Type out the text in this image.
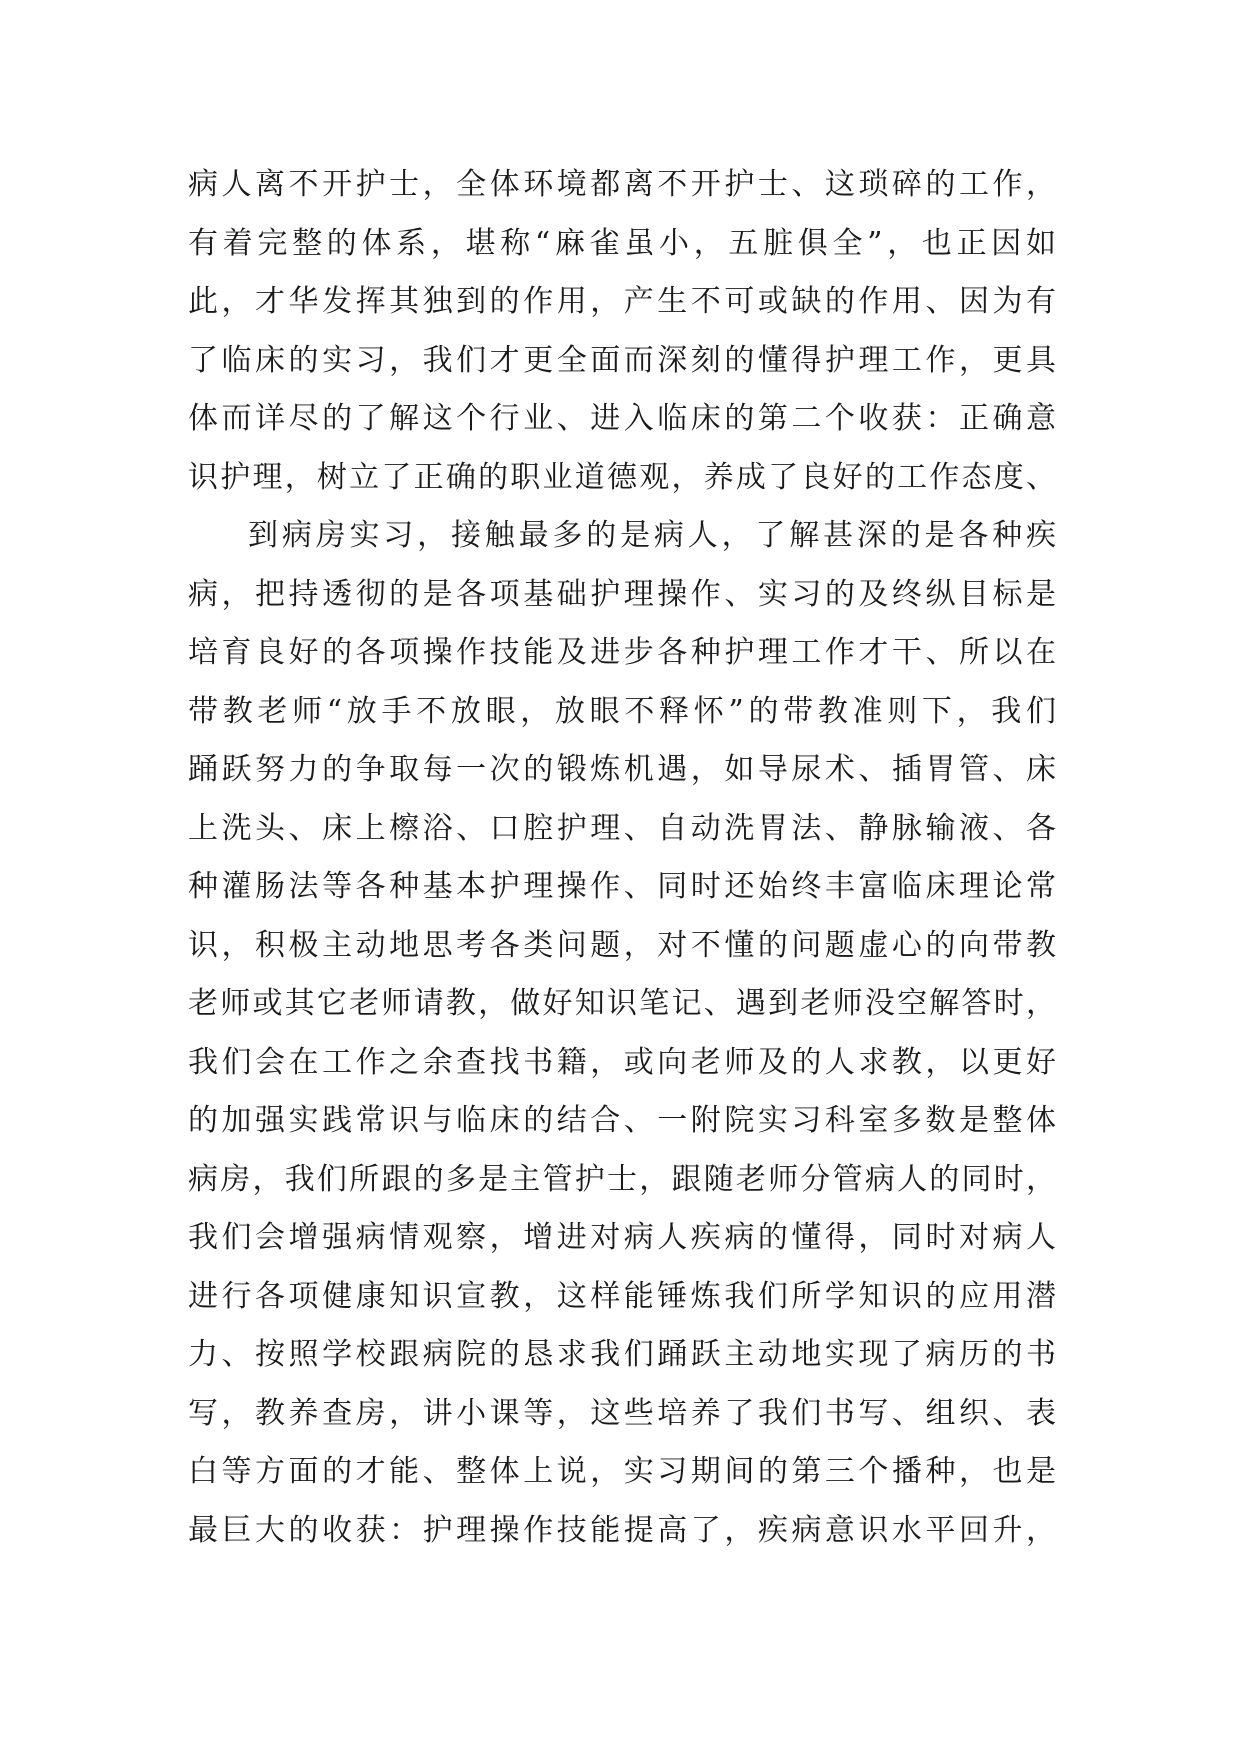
病人离不开护士，全体环境都离不开护士、这琐碎的工作，
有着完整的体系，堪称“麻雀虽小，五脏俱全”，也正因如
此，才华发挥其独到的作用，产生不可或缺的作用、因为有
了临床的实习，我们才更全面而深刻的懂得护理工作，更具
体而详尽的了解这个行业、进入临床的第二个收获：正确意
识护理，树立了正确的职业道德观，养成了良好的工作态度、
到病房实习，接触最多的是病人，了解甚深的是各种疾
病，把持透彻的是各项基础护理操作、实习的及终纵目标是
培育良好的各项操作技能及进步各种护理工作才干、所以在
带教老师“放手不放眼，放眼不释怀”的带教准则下，我们
踊跃努力的争取每一次的锻炼机遇，如导尿术、插胃管、床
上洗头、床上檫浴、口腔护理、自动洗胃法、静脉输液、各
种灌肠法等各种基本护理操作、同时还始终丰富临床理论常
识，积极主动地思考各类问题，对不懂的问题虚心的向带教
老师或其它老师请教，做好知识笔记、遇到老师没空解答时，
我们会在工作之余查找书籍，或向老师及的人求教，以更好
的加强实践常识与临床的结合、一附院实习科室多数是整体
病房，我们所跟的多是主管护士，跟随老师分管病人的同时，
我们会增强病情观察，增进对病人疾病的懂得，同时对病人
进行各项健康知识宣教，这样能锤炼我们所学知识的应用潜
力、按照学校跟病院的恳求我们踊跃主动地实现了病历的书
写，教养查房，讲小课等，这些培养了我们书写、组织、表
白等方面的才能、整体上说，实习期间的第三个播种，也是
最巨大的收获：护理操作技能提高了，疾病意识水平回升，
